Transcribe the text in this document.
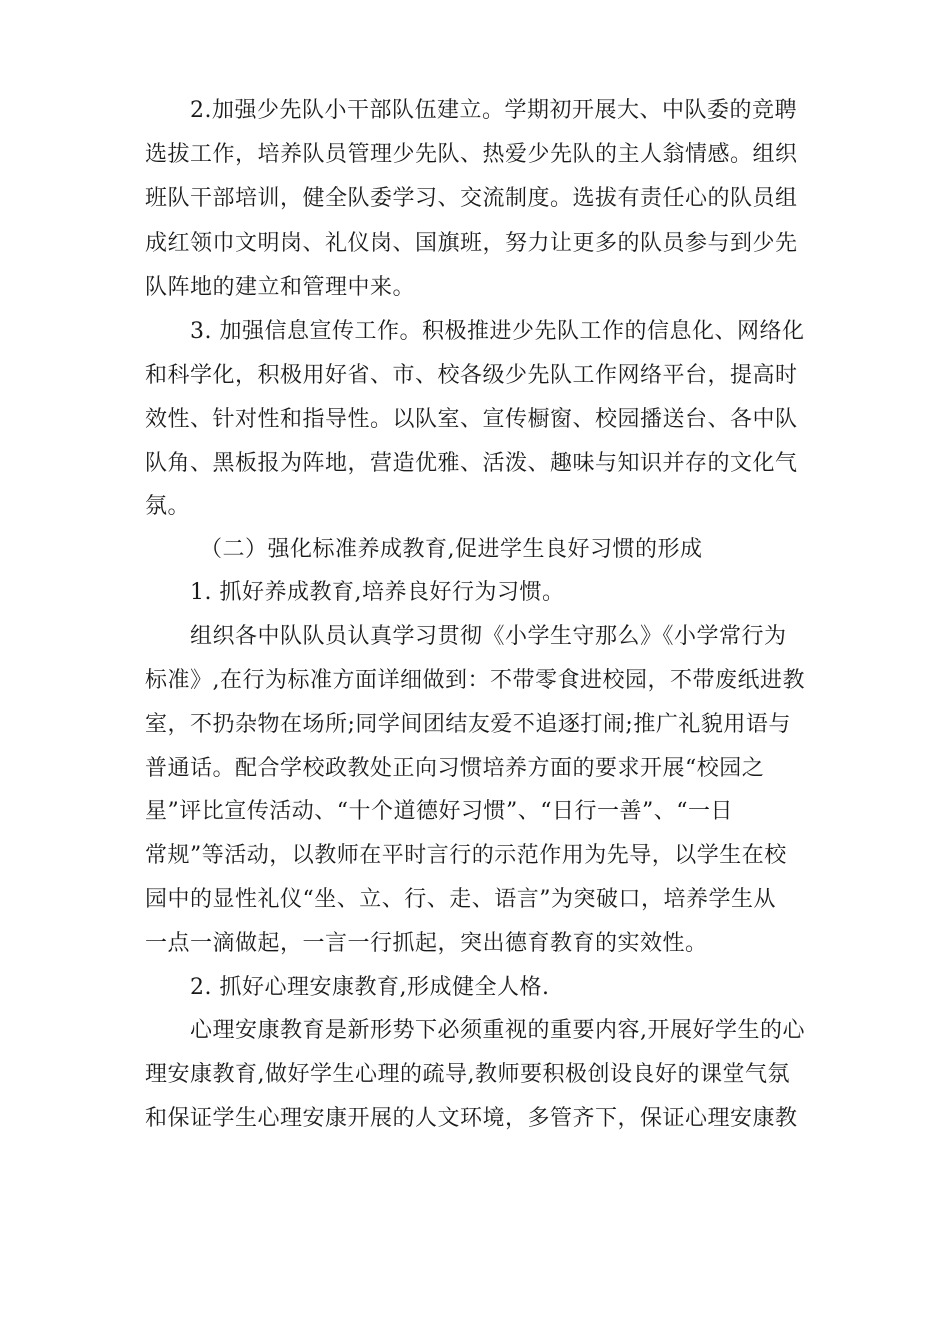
2.加强少先队小干部队伍建立。学期初开展大、中队委的竞聘

选拔工作，培养队员管理少先队、热爱少先队的主人翁情感。组织

班队干部培训，健全队委学习、交流制度。选拔有责任心的队员组

成红领巾文明岗、礼仪岗、国旗班，努力让更多的队员参与到少先

队阵地的建立和管理中来。

3. 加强信息宣传工作。积极推进少先队工作的信息化、网络化

和科学化，积极用好省、市、校各级少先队工作网络平台，提高时

效性、针对性和指导性。以队室、宣传橱窗、校园播送台、各中队

队角、黑板报为阵地，营造优雅、活泼、趣味与知识并存的文化气

氛。

（二）强化标准养成教育,促进学生良好习惯的形成

1. 抓好养成教育,培养良好行为习惯。

组织各中队队员认真学习贯彻《小学生守那么》《小学常行为

标准》,在行为标准方面详细做到：不带零食进校园，不带废纸进教

室，不扔杂物在场所;同学间团结友爱不追逐打闹;推广礼貌用语与

普通话。配合学校政教处正向习惯培养方面的要求开展“校园之

星”评比宣传活动、“十个道德好习惯”、“日行一善”、“一日

常规”等活动，以教师在平时言行的示范作用为先导，以学生在校

园中的显性礼仪“坐、立、行、走、语言”为突破口，培养学生从

一点一滴做起，一言一行抓起，突出德育教育的实效性。

2. 抓好心理安康教育,形成健全人格.

心理安康教育是新形势下必须重视的重要内容,开展好学生的心

理安康教育,做好学生心理的疏导,教师要积极创设良好的课堂气氛

和保证学生心理安康开展的人文环境，多管齐下，保证心理安康教
